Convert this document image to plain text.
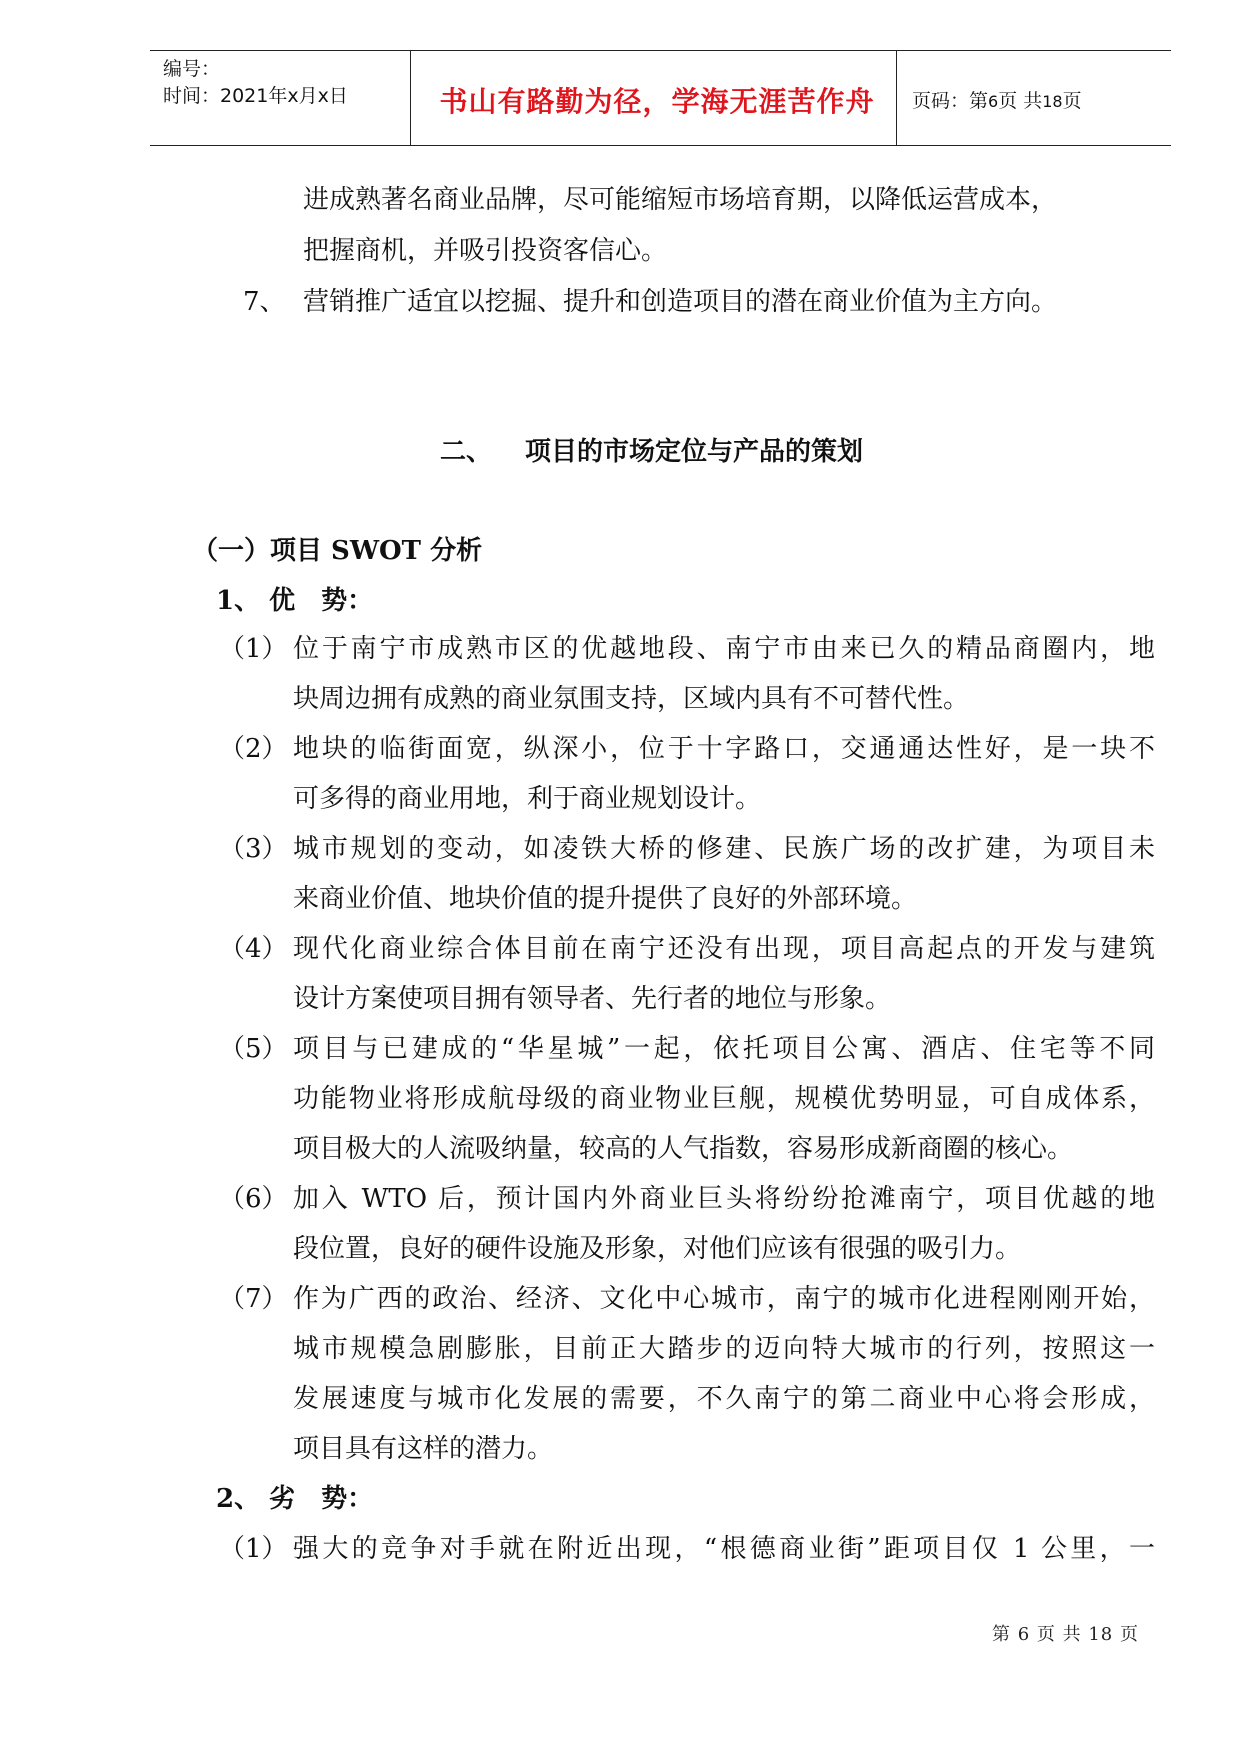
编号：
时间：2021年x月x日	书山有路勤为径，学海无涯苦作舟	页码：第6页 共18页
进成熟著名商业品牌，尽可能缩短市场培育期，以降低运营成本，
把握商机，并吸引投资客信心。
7、 营销推广适宜以挖掘、提升和创造项目的潜在商业价值为主方向。
二、 项目的市场定位与产品的策划
（一）项目 SWOT 分析
1、 优　势：
（1） 位于南宁市成熟市区的优越地段、南宁市由来已久的精品商圈内，地
块周边拥有成熟的商业氛围支持，区域内具有不可替代性。
（2） 地块的临街面宽，纵深小，位于十字路口，交通通达性好，是一块不
可多得的商业用地，利于商业规划设计。
（3） 城市规划的变动，如凌铁大桥的修建、民族广场的改扩建，为项目未
来商业价值、地块价值的提升提供了良好的外部环境。
（4） 现代化商业综合体目前在南宁还没有出现，项目高起点的开发与建筑
设计方案使项目拥有领导者、先行者的地位与形象。
（5） 项目与已建成的“华星城”一起，依托项目公寓、酒店、住宅等不同
功能物业将形成航母级的商业物业巨舰，规模优势明显，可自成体系，
项目极大的人流吸纳量，较高的人气指数，容易形成新商圈的核心。
（6） 加入 WTO 后，预计国内外商业巨头将纷纷抢滩南宁，项目优越的地
段位置，良好的硬件设施及形象，对他们应该有很强的吸引力。
（7） 作为广西的政治、经济、文化中心城市，南宁的城市化进程刚刚开始，
城市规模急剧膨胀，目前正大踏步的迈向特大城市的行列，按照这一
发展速度与城市化发展的需要，不久南宁的第二商业中心将会形成，
项目具有这样的潜力。
2、 劣　势：
（1） 强大的竞争对手就在附近出现，“根德商业街”距项目仅 1 公里，一
第 6 页 共 18 页
